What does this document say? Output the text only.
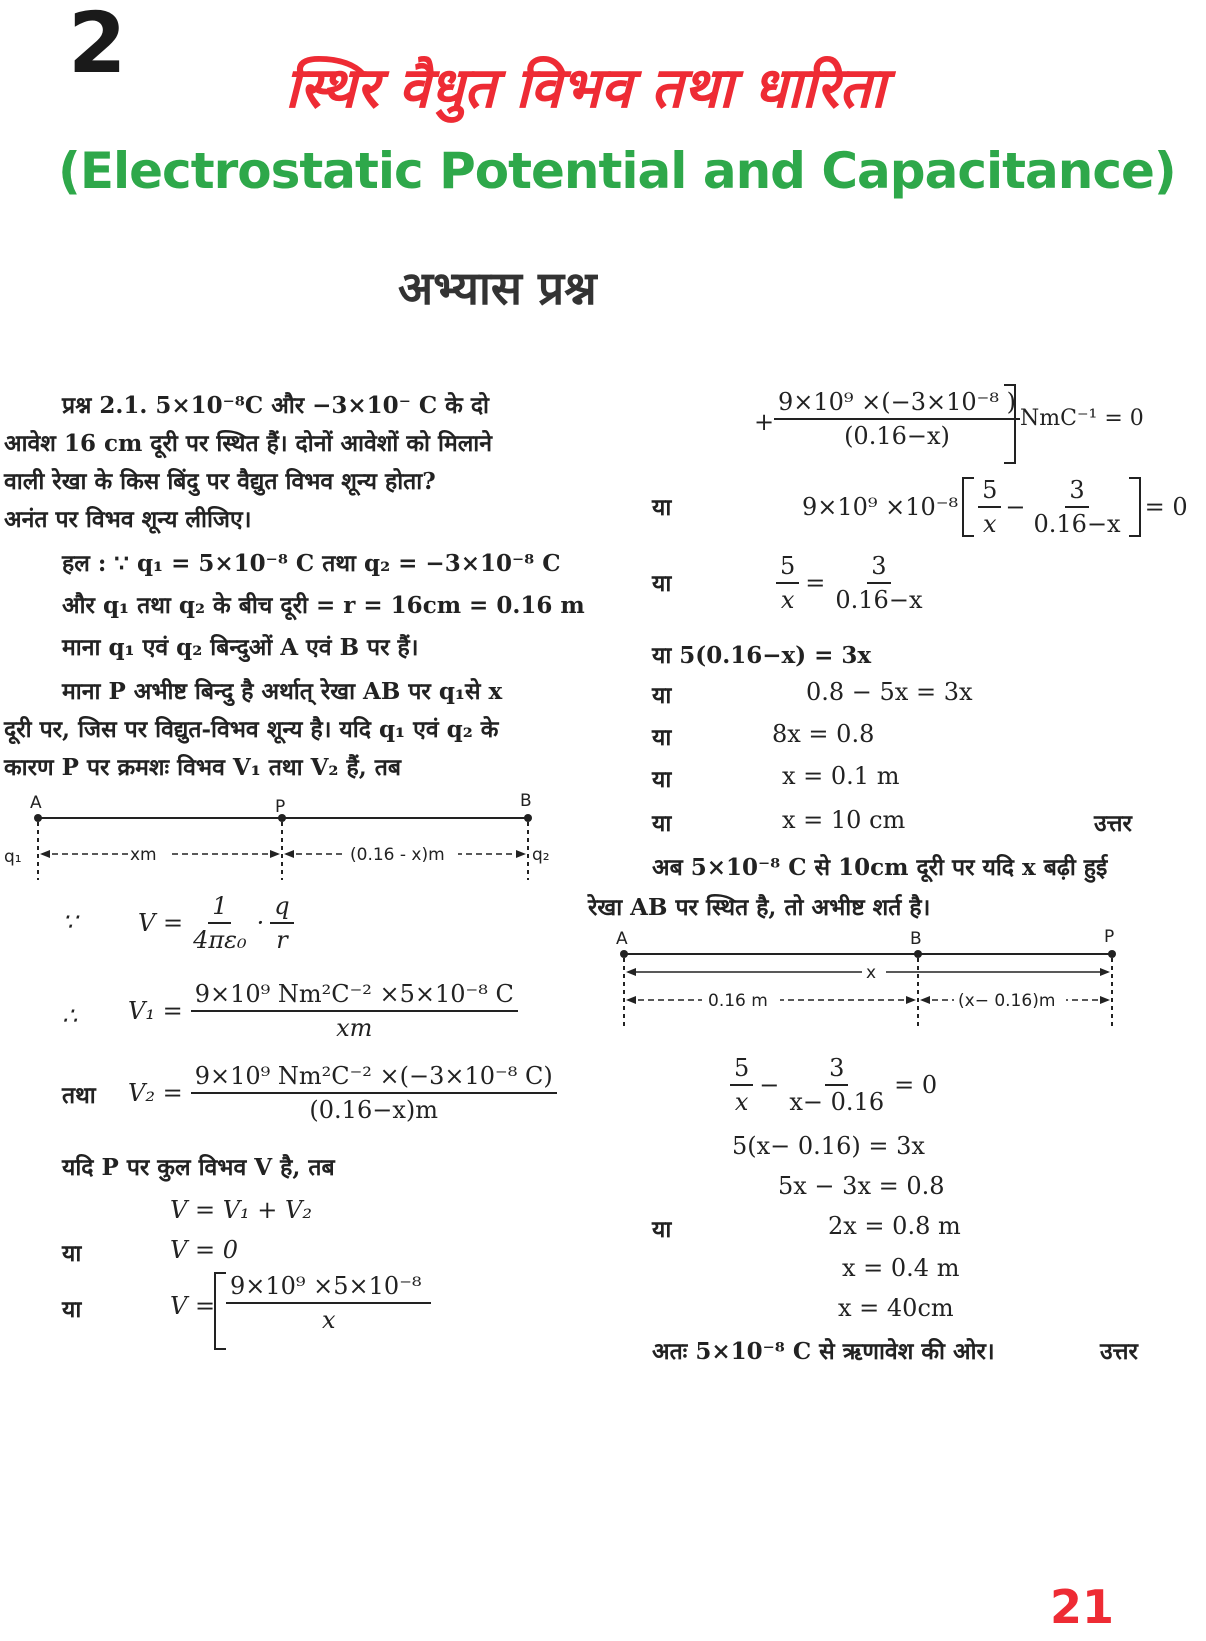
2	स्थिर वैधुत विभव तथा धारिता
(Electrostatic Potential and Capacitance)
अभ्यास प्रश्न
प्रश्न 2.1. 5×10⁻⁸C और −3×10⁻ C के दो
आवेश 16 cm दूरी पर स्थित हैं। दोनों आवेशों को मिलाने
वाली रेखा के किस बिंदु पर वैद्युत विभव शून्य होता?
अनंत पर विभव शून्य लीजिए।
हल : ∵ q₁ = 5×10⁻⁸ C तथा q₂ = −3×10⁻⁸ C
और q₁ तथा q₂ के बीच दूरी = r = 16cm = 0.16 m
माना q₁ एवं q₂ बिन्दुओं A एवं B पर हैं।
माना P अभीष्ट बिन्दु है अर्थात् रेखा AB पर q₁से x
दूरी पर, जिस पर विद्युत-विभव शून्य है। यदि q₁ एवं q₂ के
कारण P पर क्रमशः विभव V₁ तथा V₂ हैं, तब
A	P	B
q₁	q₂
xm	(0.16 - x)m
∵	$V = \frac{1}{\text{4πε₀}} \cdot \frac{q}{r}$
∴ $V_1 = \frac{\text{9×10⁹ Nm²C⁻² ×5×10⁻⁸ C}}{xm}$
तथा $V_2 = \frac{\text{9×10⁹ Nm²C⁻² ×(−3×10⁻⁸ C)}}{(0.16-x)m}$
यदि P पर कुल विभव V है, तब
V = V₁ + V₂
या	V = 0
या	$V = \frac{\text{9×10⁹ ×5×10⁻⁸}}{x}$
+ $\frac{\text{9×10⁹ ×(−3×10⁻⁸ )}}{(0.16-x)} NmC^{-1} = 0$
या	$9\times 10^9 \times 10^{-8} \frac{5}{x} - \frac{3}{0.16-x} = 0$
या	$\frac{5}{x} = \frac{3}{0.16-x}$
या 5(0.16−x) = 3x
या	0.8 − 5x = 3x
या	8x = 0.8
या	x = 0.1 m
या	x = 10 cm	उत्तर
अब 5×10⁻⁸ C से 10cm दूरी पर यदि x बढ़ी हुई
रेखा AB पर स्थित है, तो अभीष्ट शर्त है।
A	B	P
x
0.16 m	(x− 0.16)m
$\frac{5}{x} - \frac{3}{x- 0.16} = 0$
5(x− 0.16) = 3x
5x − 3x = 0.8
या	2x = 0.8 m
x = 0.4 m
x = 40cm
अतः 5×10⁻⁸ C से ऋणावेश की ओर।	उत्तर
21
